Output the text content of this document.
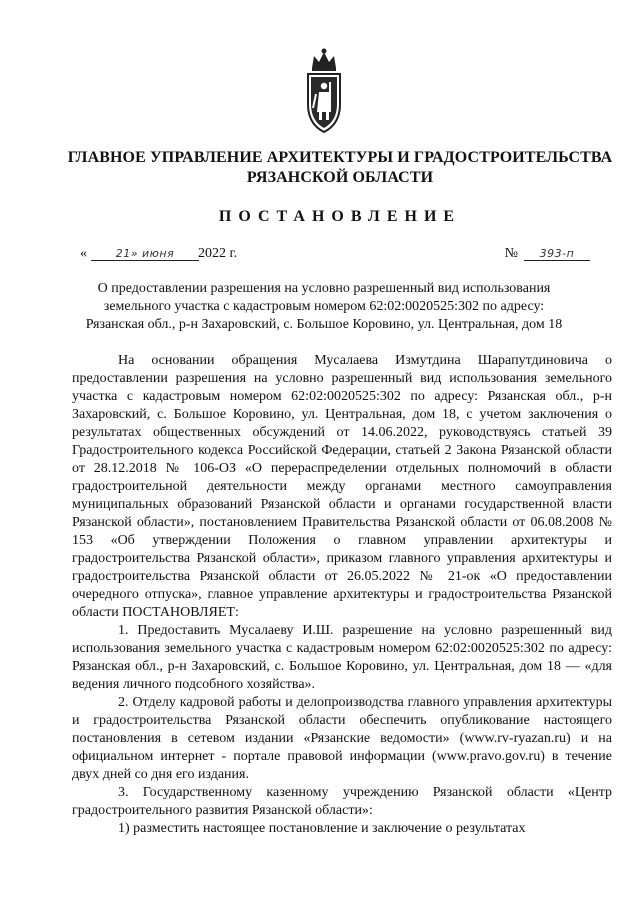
ГЛАВНОЕ УПРАВЛЕНИЕ АРХИТЕКТУРЫ И ГРАДОСТРОИТЕЛЬСТВА
РЯЗАНСКОЙ ОБЛАСТИ
ПОСТАНОВЛЕНИЕ
«	21» июня	2022 г.	№ 393-п
О предоставлении разрешения на условно разрешенный вид использования
земельного участка с кадастровым номером 62:02:0020525:302 по адресу:
Рязанская обл., р-н Захаровский, с. Большое Коровино, ул. Центральная, дом 18

На основании обращения Мусалаева Измутдина Шарапутдиновича о предоставлении разрешения на условно разрешенный вид использования земельного участка с кадастровым номером 62:02:0020525:302 по адресу: Рязанская обл., р-н Захаровский, с. Большое Коровино, ул. Центральная, дом 18, с учетом заключения о результатах общественных обсуждений от 14.06.2022, руководствуясь статьей 39 Градостроительного кодекса Российской Федерации, статьей 2 Закона Рязанской области от 28.12.2018 № 106-ОЗ «О перераспределении отдельных полномочий в области градостроительной деятельности между органами местного самоуправления муниципальных образований Рязанской области и органами государственной власти Рязанской области», постановлением Правительства Рязанской области от 06.08.2008 № 153 «Об утверждении Положения о главном управлении архитектуры и градостроительства Рязанской области», приказом главного управления архитектуры и градостроительства Рязанской области от 26.05.2022 № 21-ок «О предоставлении очередного отпуска», главное управление архитектуры и градостроительства Рязанской области ПОСТАНОВЛЯЕТ:

1. Предоставить Мусалаеву И.Ш. разрешение на условно разрешенный вид использования земельного участка с кадастровым номером 62:02:0020525:302 по адресу: Рязанская обл., р-н Захаровский, с. Большое Коровино, ул. Центральная, дом 18 — «для ведения личного подсобного хозяйства».

2. Отделу кадровой работы и делопроизводства главного управления архитектуры и градостроительства Рязанской области обеспечить опубликование настоящего постановления в сетевом издании «Рязанские ведомости» (www.rv-ryazan.ru) и на официальном интернет - портале правовой информации (www.pravo.gov.ru) в течение двух дней со дня его издания.

3. Государственному казенному учреждению Рязанской области «Центр градостроительного развития Рязанской области»:

1) разместить настоящее постановление и заключение о результатах
